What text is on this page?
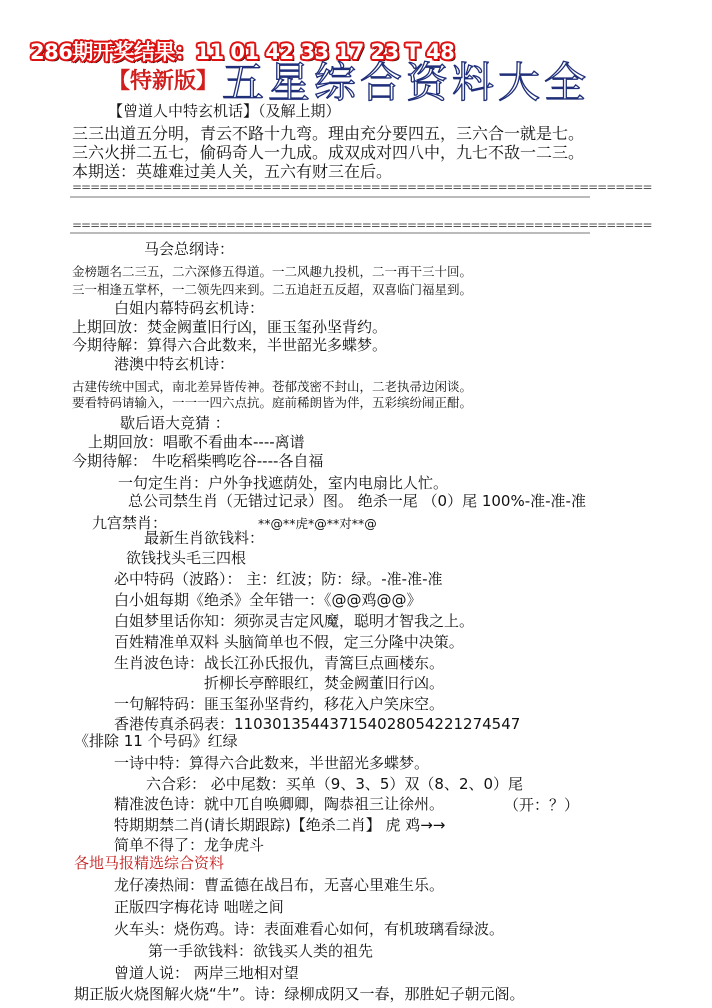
286期开奖结果：11 01 42 33 17 23 T 48
【特新版】 五星综合资料大全
【曾道人中特玄机话】（及解上期）
三三出道五分明，青云不路十九弯。理由充分要四五，三六合一就是七。
三六火拼二五七，偷码奇人一九成。成双成对四八中，九七不敌一二三。
本期送：英雄难过美人关，五六有财三在后。
================================================================
================================================================
马会总纲诗：
金榜题名二三五，二六深修五得道。一二风趣九投机，二一再干三十回。
三一相逢五掌杯，一二领先四来到。二五追赶五反超，双喜临门福星到。
白姐内幕特码玄机诗：
上期回放：焚金阙董旧行凶，匪玉玺孙坚背约。
今期待解：算得六合此数来，半世韶光多蝶梦。
港澳中特玄机诗：
古建传统中国式，南北差异皆传神。苍郁茂密不封山，二老执帚边闲谈。
要看特码请输入，一一一四六点抗。庭前稀朗皆为伴，五彩缤纷闹正酣。
歇后语大竞猜 ：
上期回放：唱歌不看曲本----离谱
今期待解： 牛吃稻柴鸭吃谷----各自福
一句定生肖：户外争找遮荫处，室内电扇比人忙。
总公司禁生肖（无错过记录）图。 绝杀一尾 （0）尾 100%-准-准-准
九宫禁肖：	**@**虎*@**对**@
最新生肖欲钱料：
欲钱找头毛三四根
必中特码（波路）： 主：红波；防：绿。-准-准-准
白小姐每期《绝杀》全年错一：《@@鸡@@》
白姐梦里话你知：须弥灵吉定风魔，聪明才智我之上。
百姓精准单双料 头脑简单也不假，定三分隆中决策。
生肖波色诗：战长江孙氏报仇，青篙巨点画楼东。
折柳长亭醉眼红，焚金阙董旧行凶。
一句解特码：匪玉玺孙坚背约，移花入户笑床空。
香港传真杀码表：11030135443715402805422127454​7
《排除 11 个号码》红绿
一诗中特：算得六合此数来，半世韶光多蝶梦。
六合彩： 必中尾数：买单（9、3、5）双（8、2、0）尾
精准波色诗：就中兀自唤卿卿，陶恭祖三让徐州。	（开：？）
特期期禁二肖(请长期跟踪)【绝杀二肖】 虎 鸡→→
简单不得了：龙争虎斗
各地马报精选综合资料
龙仔凑热闹：曹孟德在战吕布，无喜心里难生乐。
正版四字梅花诗 咄嗟之间
火车头：烧伤鸡。诗：表面难看心如何，有机玻璃看绿波。
第一手欲钱料：欲钱买人类的祖先
曾道人说： 两岸三地相对望
期正版火烧图解火烧“牛”。诗：绿柳成阴又一春，那胜妃子朝元阁。
